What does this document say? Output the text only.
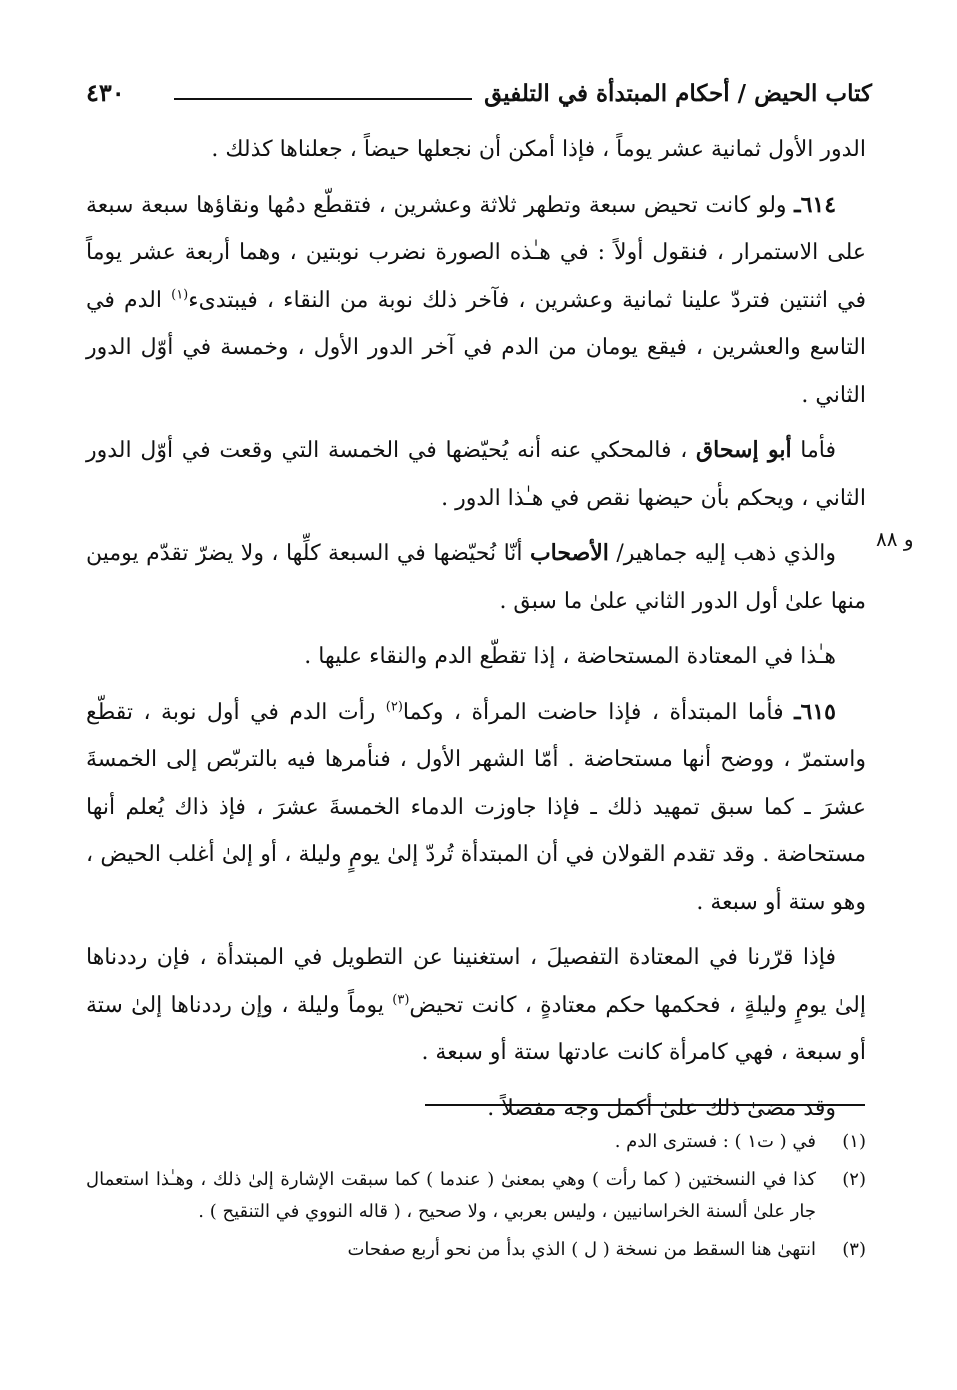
كتاب الحيض / أحكام المبتدأة في التلفيق
٤٣٠
و ٨٨

الدور الأول ثمانية عشر يوماً ، فإذا أمكن أن نجعلها حيضاً ، جعلناها كذلك .

٦١٤ـ ولو كانت تحيض سبعة وتطهر ثلاثة وعشرين ، فتقطّع دمُها ونقاؤها سبعة سبعة على الاستمرار ، فنقول أولاً : في هـٰذه الصورة نضرب نوبتين ، وهما أربعة عشر يوماً في اثنتين فتردّ علينا ثمانية وعشرين ، فآخر ذلك نوبة من النقاء ، فيبتدىء$^{(١)}$ الدم في التاسع والعشرين ، فيقع يومان من الدم في آخر الدور الأول ، وخمسة في أوّل الدور الثاني .

فأما أبو إسحاق ، فالمحكي عنه أنه يُحيّضها في الخمسة التي وقعت في أوّل الدور الثاني ، ويحكم بأن حيضها نقص في هـٰذا الدور .

والذي ذهب إليه جماهير/ الأصحاب أنّا نُحيّضها في السبعة كلِّها ، ولا يضرّ تقدّم يومين منها علىٰ أول الدور الثاني علىٰ ما سبق .

هـٰذا في المعتادة المستحاضة ، إذا تقطّع الدم والنقاء عليها .

٦١٥ـ فأما المبتدأة ، فإذا حاضت المرأة ، وكما$^{(٢)}$ رأت الدم في أول نوبة ، تقطّع واستمرّ ، ووضح أنها مستحاضة . أمّا الشهر الأول ، فنأمرها فيه بالتربّص إلى الخمسةَ عشرَ ـ كما سبق تمهيد ذلك ـ فإذا جاوزت الدماء الخمسةَ عشرَ ، فإذ ذاك يُعلم أنها مستحاضة . وقد تقدم القولان في أن المبتدأة تُردّ إلىٰ يومٍ وليلة ، أو إلىٰ أغلب الحيض ، وهو ستة أو سبعة .

فإذا قرّرنا في المعتادة التفصيلَ ، استغنينا عن التطويل في المبتدأة ، فإن رددناها إلىٰ يومٍ وليلةٍ ، فحكمها حكم معتادةٍ ، كانت تحيض$^{(٣)}$ يوماً وليلة ، وإن رددناها إلىٰ ستة أو سبعة ، فهي كامرأة كانت عادتها ستة أو سبعة .

وقد مضىٰ ذلك علىٰ أكمل وجه مفصلاً .

(١)
في ( ت١ ) : فسترى الدم .
(٢)
كذا في النسختين ( كما رأت ) وهي بمعنىٰ ( عندما ) كما سبقت الإشارة إلىٰ ذلك ، وهـٰذا استعمال جار علىٰ ألسنة الخراسانيين ، وليس بعربي ، ولا صحيح ، ( قاله النووي في التنقيح ) .
(٣)
انتهىٰ هنا السقط من نسخة ( ل ) الذي بدأ من نحو أربع صفحات
